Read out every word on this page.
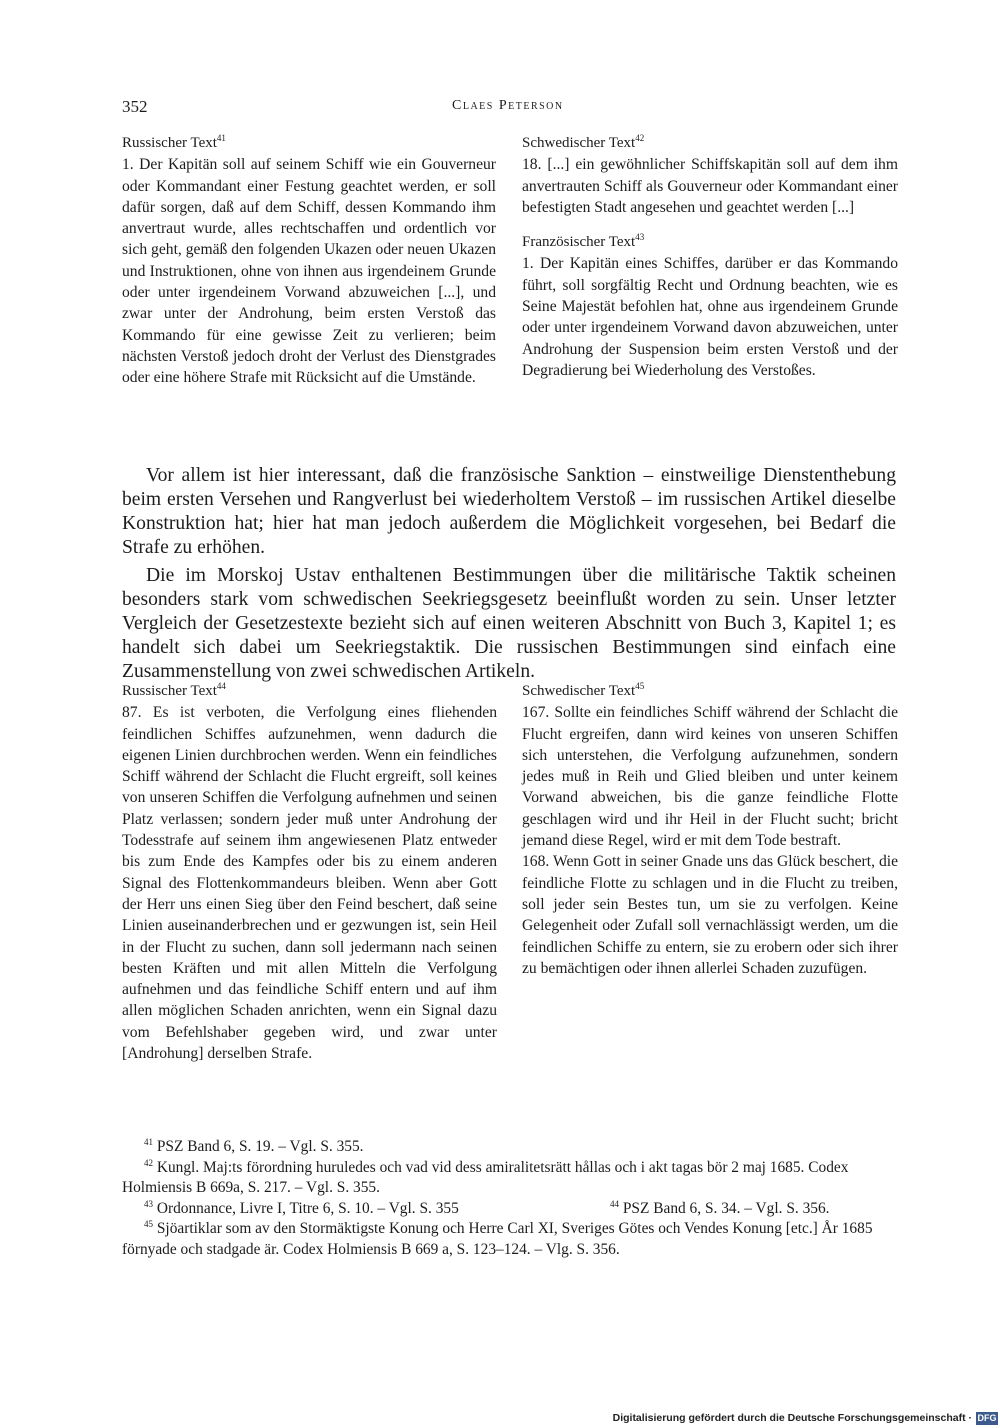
352	Claes Peterson

Russischer Text$^{41}$

1. Der Kapitän soll auf seinem Schiff wie ein Gouverneur oder Kommandant einer Festung geachtet werden, er soll dafür sorgen, daß auf dem Schiff, dessen Kommando ihm anvertraut wurde, alles rechtschaffen und ordentlich vor sich geht, gemäß den folgenden Ukazen oder neuen Ukazen und Instruktionen, ohne von ihnen aus irgendeinem Grunde oder unter irgendeinem Vorwand abzuweichen [...], und zwar unter der Androhung, beim ersten Verstoß das Kommando für eine gewisse Zeit zu verlieren; beim nächsten Verstoß jedoch droht der Verlust des Dienstgrades oder eine höhere Strafe mit Rücksicht auf die Umstände.

Schwedischer Text$^{42}$

18. [...] ein gewöhnlicher Schiffskapitän soll auf dem ihm anvertrauten Schiff als Gouverneur oder Kommandant einer befestigten Stadt angesehen und geachtet werden [...]

Französischer Text$^{43}$

1. Der Kapitän eines Schiffes, darüber er das Kommando führt, soll sorgfältig Recht und Ordnung beachten, wie es Seine Majestät befohlen hat, ohne aus irgendeinem Grunde oder unter irgendeinem Vorwand davon abzuweichen, unter Androhung der Suspension beim ersten Verstoß und der Degradierung bei Wiederholung des Verstoßes.

Vor allem ist hier interessant, daß die französische Sanktion – einstweilige Dienstenthebung beim ersten Versehen und Rangverlust bei wiederholtem Verstoß – im russischen Artikel dieselbe Konstruktion hat; hier hat man jedoch außerdem die Möglichkeit vorgesehen, bei Bedarf die Strafe zu erhöhen.

Die im Morskoj Ustav enthaltenen Bestimmungen über die militärische Taktik scheinen besonders stark vom schwedischen Seekriegsgesetz beeinflußt worden zu sein. Unser letzter Vergleich der Gesetzestexte bezieht sich auf einen weiteren Abschnitt von Buch 3, Kapitel 1; es handelt sich dabei um Seekriegstaktik. Die russischen Bestimmungen sind einfach eine Zusammenstellung von zwei schwedischen Artikeln.

Russischer Text$^{44}$

87. Es ist verboten, die Verfolgung eines fliehenden feindlichen Schiffes aufzunehmen, wenn dadurch die eigenen Linien durchbrochen werden. Wenn ein feindliches Schiff während der Schlacht die Flucht ergreift, soll keines von unseren Schiffen die Verfolgung aufnehmen und seinen Platz verlassen; sondern jeder muß unter Androhung der Todesstrafe auf seinem ihm angewiesenen Platz entweder bis zum Ende des Kampfes oder bis zu einem anderen Signal des Flottenkommandeurs bleiben. Wenn aber Gott der Herr uns einen Sieg über den Feind beschert, daß seine Linien auseinanderbrechen und er gezwungen ist, sein Heil in der Flucht zu suchen, dann soll jedermann nach seinen besten Kräften und mit allen Mitteln die Verfolgung aufnehmen und das feindliche Schiff entern und auf ihm allen möglichen Schaden anrichten, wenn ein Signal dazu vom Befehlshaber gegeben wird, und zwar unter [Androhung] derselben Strafe.

Schwedischer Text$^{45}$

167. Sollte ein feindliches Schiff während der Schlacht die Flucht ergreifen, dann wird keines von unseren Schiffen sich unterstehen, die Verfolgung aufzunehmen, sondern jedes muß in Reih und Glied bleiben und unter keinem Vorwand abweichen, bis die ganze feindliche Flotte geschlagen wird und ihr Heil in der Flucht sucht; bricht jemand diese Regel, wird er mit dem Tode bestraft.

168. Wenn Gott in seiner Gnade uns das Glück beschert, die feindliche Flotte zu schlagen und in die Flucht zu treiben, soll jeder sein Bestes tun, um sie zu verfolgen. Keine Gelegenheit oder Zufall soll vernachlässigt werden, um die feindlichen Schiffe zu entern, sie zu erobern oder sich ihrer zu bemächtigen oder ihnen allerlei Schaden zuzufügen.

$^{41}$ PSZ Band 6, S. 19. – Vgl. S. 355.

$^{42}$ Kungl. Maj:ts förordning huruledes och vad vid dess amiralitetsrätt hållas och i akt tagas bör 2 maj 1685. Codex Holmiensis B 669a, S. 217. – Vgl. S. 355.

$^{43}$ Ordonnance, Livre I, Titre 6, S. 10. – Vgl. S. 355	$^{44}$ PSZ Band 6, S. 34. – Vgl. S. 356.

$^{45}$ Sjöartiklar som av den Stormäktigste Konung och Herre Carl XI, Sveriges Götes och Vendes Konung [etc.] År 1685 förnyade och stadgade är. Codex Holmiensis B 669 a, S. 123–124. – Vlg. S. 356.

Digitalisierung gefördert durch die Deutsche Forschungsgemeinschaft · DFG
